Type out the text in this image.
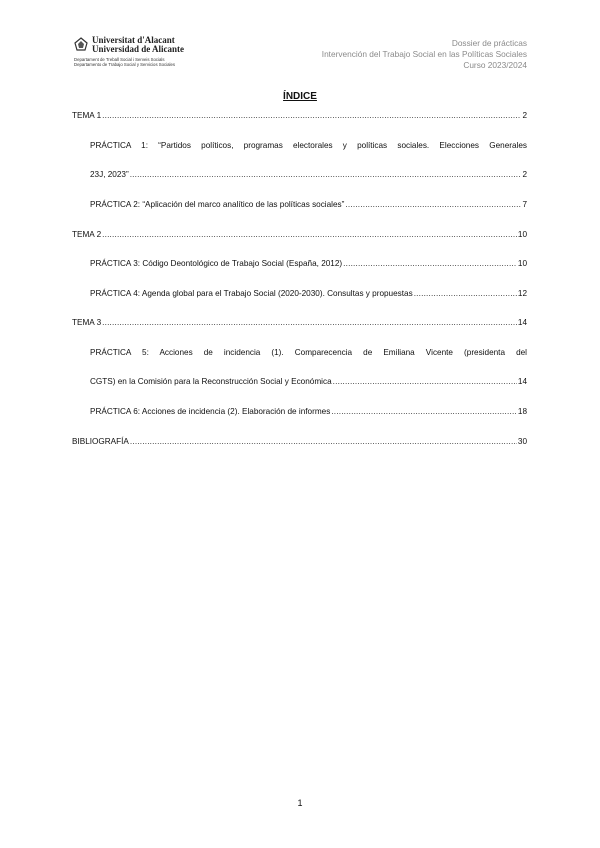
Universitat d'Alacant
Universidad de Alicante
Departament de Treball Social i Serveis Socials
Departamento de Trabajo Social y Servicios Sociales
Dossier de prácticas
Intervención del Trabajo Social en las Políticas Sociales
Curso 2023/2024
ÍNDICE
TEMA 1 .....	2
PRÁCTICA 1: “Partidos políticos, programas electorales y políticas sociales. Elecciones Generales
23J, 2023” .....	2
PRÁCTICA 2: “Aplicación del marco analítico de las políticas sociales” .....	7
TEMA 2 .....	10
PRÁCTICA 3: Código Deontológico de Trabajo Social (España, 2012) .....	10
PRÁCTICA 4: Agenda global para el Trabajo Social (2020-2030). Consultas y propuestas .....	12
TEMA 3 .....	14
PRÁCTICA 5: Acciones de incidencia (1). Comparecencia de Emiliana Vicente (presidenta del
CGTS) en la Comisión para la Reconstrucción Social y Económica .....	14
PRÁCTICA 6: Acciones de incidencia (2). Elaboración de informes .....	18
BIBLIOGRAFÍA .....	30
1
